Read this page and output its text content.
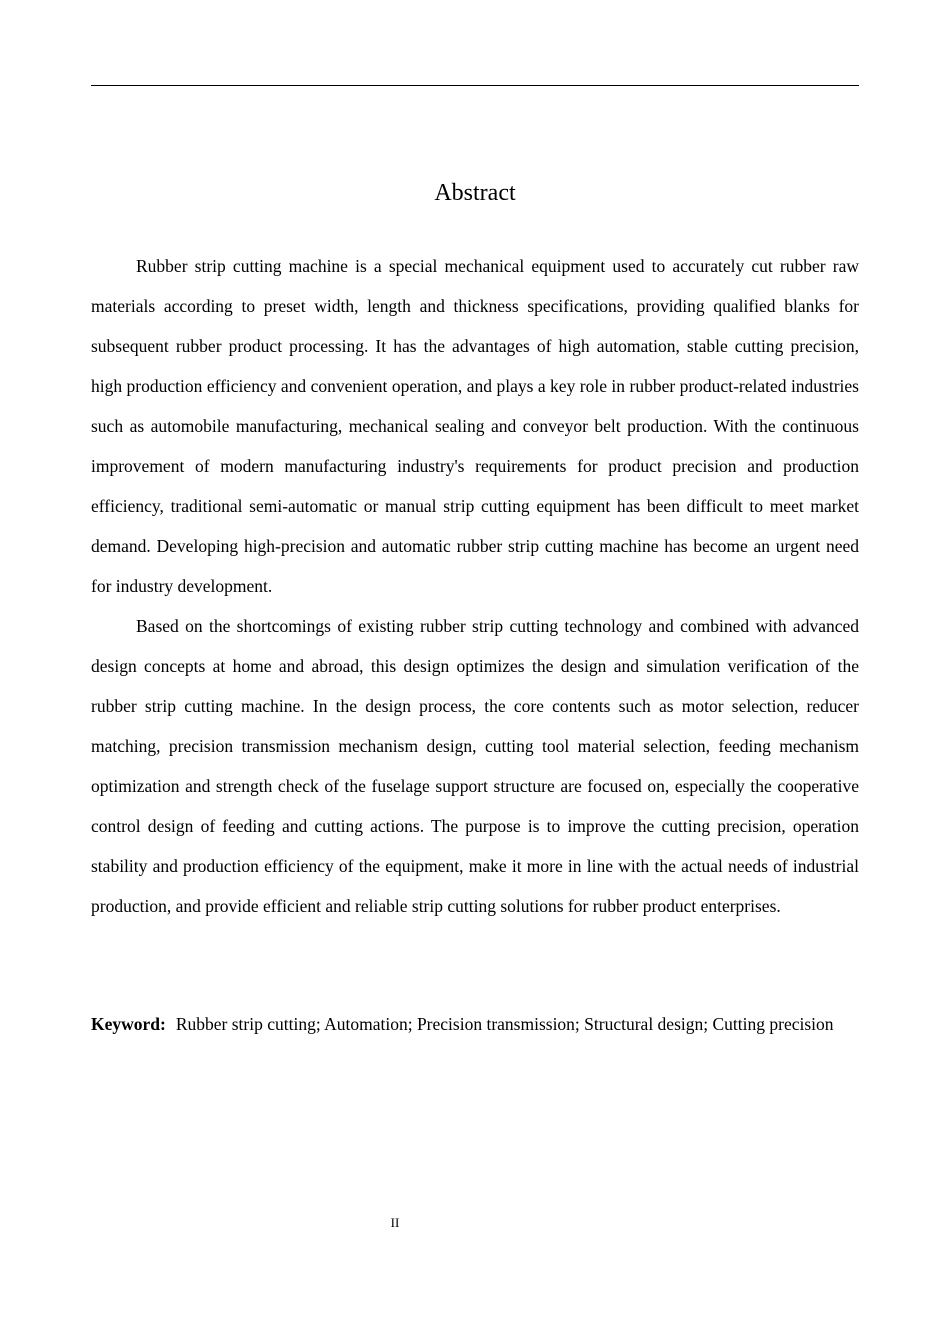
Abstract

Rubber strip cutting machine is a special mechanical equipment used to accurately cut rubber raw materials according to preset width, length and thickness specifications, providing qualified blanks for subsequent rubber product processing. It has the advantages of high automation, stable cutting precision, high production efficiency and convenient operation, and plays a key role in rubber product-related industries such as automobile manufacturing, mechanical sealing and conveyor belt production. With the continuous improvement of modern manufacturing industry's requirements for product precision and production efficiency, traditional semi-automatic or manual strip cutting equipment has been difficult to meet market demand. Developing high-precision and automatic rubber strip cutting machine has become an urgent need for industry development.

Based on the shortcomings of existing rubber strip cutting technology and combined with advanced design concepts at home and abroad, this design optimizes the design and simulation verification of the rubber strip cutting machine. In the design process, the core contents such as motor selection, reducer matching, precision transmission mechanism design, cutting tool material selection, feeding mechanism optimization and strength check of the fuselage support structure are focused on, especially the cooperative control design of feeding and cutting actions. The purpose is to improve the cutting precision, operation stability and production efficiency of the equipment, make it more in line with the actual needs of industrial production, and provide efficient and reliable strip cutting solutions for rubber product enterprises.

Keyword: Rubber strip cutting; Automation; Precision transmission; Structural design; Cutting precision

II
